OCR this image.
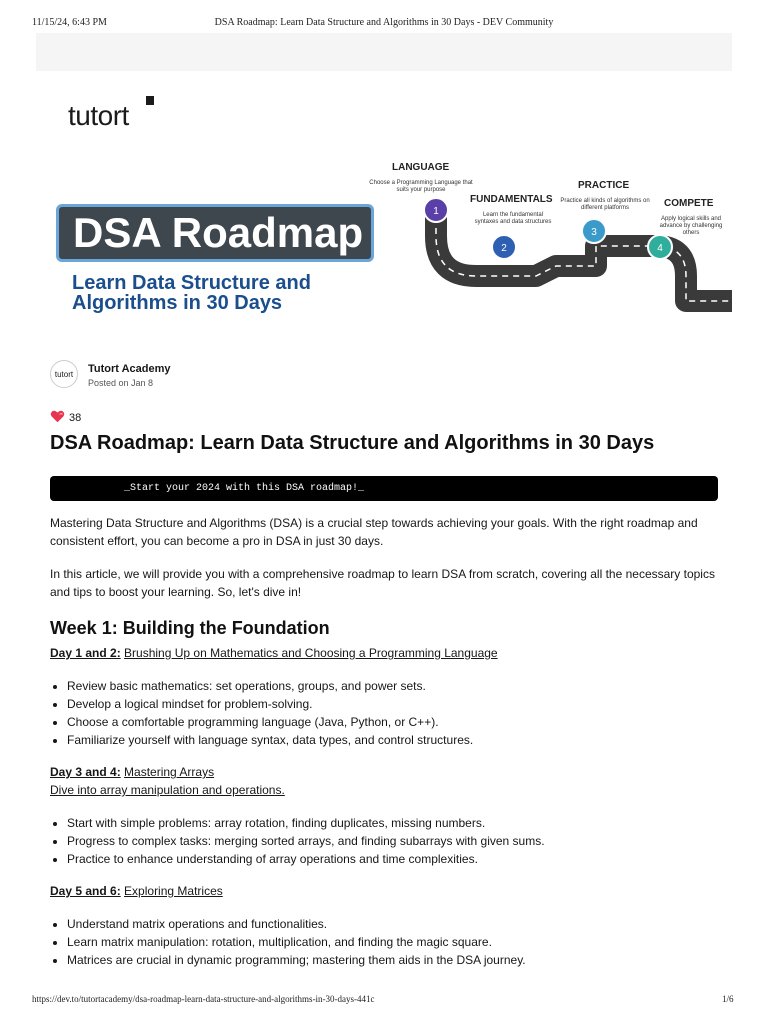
11/15/24, 6:43 PM	DSA Roadmap: Learn Data Structure and Algorithms in 30 Days - DEV Community
1
2
3
4
tutort
DSA Roadmap
Learn Data Structure and
Algorithms in 30 Days
LANGUAGE
Choose a Programming Language that suits your purpose
FUNDAMENTALS
Learn the fundamental syntaxes and data structures
PRACTICE
Practice all kinds of algorithms on different platforms	COMPETE
Apply logical skills and advance by challenging others
tutort	Tutort Academy
Posted on Jan 8
38
DSA Roadmap: Learn Data Structure and Algorithms in 30 Days
_Start your 2024 with this DSA roadmap!_

Mastering Data Structure and Algorithms (DSA) is a crucial step towards achieving your goals. With the right roadmap and consistent effort, you can become a pro in DSA in just 30 days.

In this article, we will provide you with a comprehensive roadmap to learn DSA from scratch, covering all the necessary topics and tips to boost your learning. So, let's dive in!

Week 1: Building the Foundation

Day 1 and 2: Brushing Up on Mathematics and Choosing a Programming Language

• Review basic mathematics: set operations, groups, and power sets.
• Develop a logical mindset for problem-solving.
• Choose a comfortable programming language (Java, Python, or C++).
• Familiarize yourself with language syntax, data types, and control structures.

Day 3 and 4: Mastering Arrays
Dive into array manipulation and operations.

• Start with simple problems: array rotation, finding duplicates, missing numbers.
• Progress to complex tasks: merging sorted arrays, and finding subarrays with given sums.
• Practice to enhance understanding of array operations and time complexities.

Day 5 and 6: Exploring Matrices

• Understand matrix operations and functionalities.
• Learn matrix manipulation: rotation, multiplication, and finding the magic square.
• Matrices are crucial in dynamic programming; mastering them aids in the DSA journey.
https://dev.to/tutortacademy/dsa-roadmap-learn-data-structure-and-algorithms-in-30-days-441c	1/6
